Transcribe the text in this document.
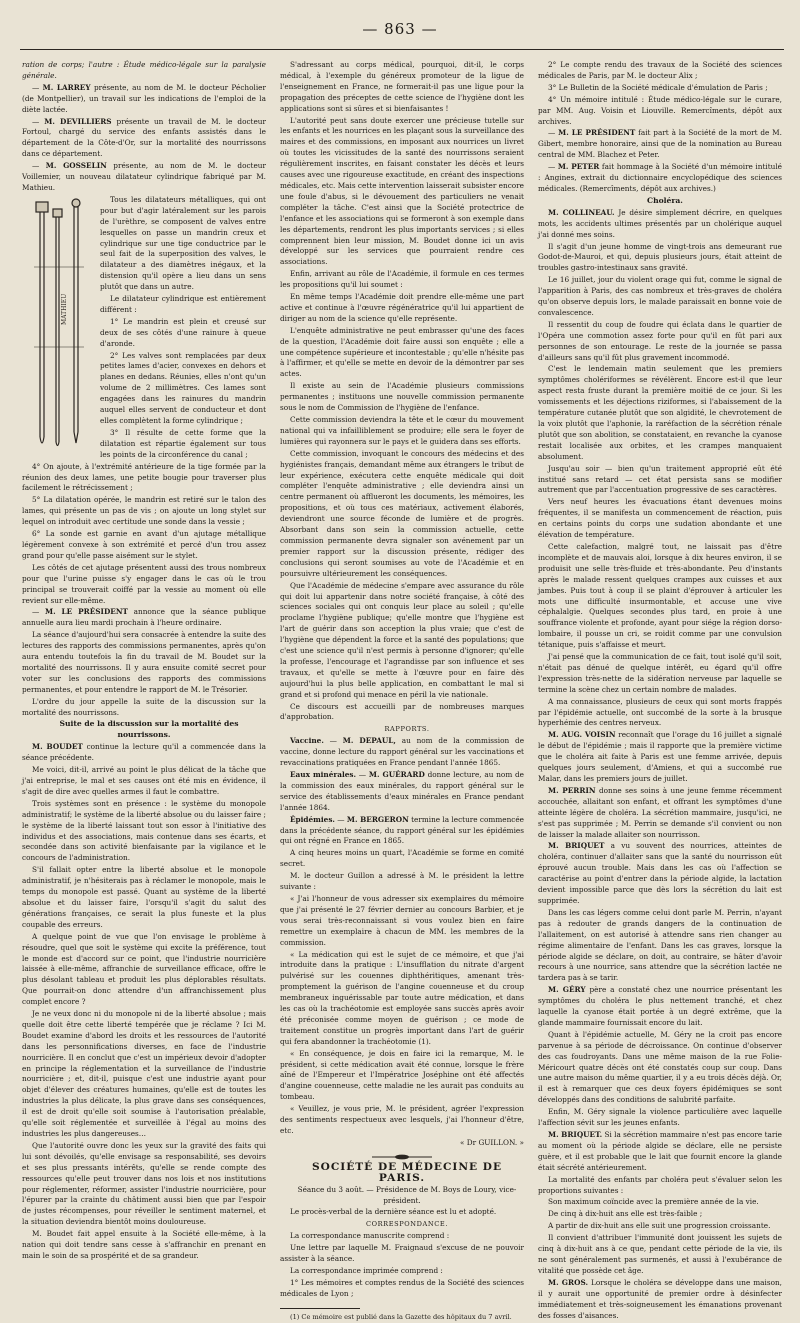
— 863 —

ration de corps; l'autre : Étude médico-légale sur la paralysie générale.

— M. LARREY présente, au nom de M. le docteur Péchol​ier (de Montpellier), un travail sur les indications de l'emploi de la diète lactée.

— M. DEVILLIERS présente un travail de M. le docteur Fortoul, chargé du service des enfants assistés dans le département de la Côte-d'Or, sur la mortalité des nourrissons dans ce département.

— M. GOSSELIN présente, au nom de M. le docteur Voillemier, un nouveau dilatateur cylindrique fabriqué par M. Mathieu.

MATHIEU

Tous les dilatateurs métalliques, qui ont pour but d'agir latéralement sur les parois de l'urèthre, se composent de valves entre lesquelles on passe un mandrin creux et cylindrique sur une tige conductrice par le seul fait de la superposition des valves, le dilatateur a des diamètres inégaux, et la distension qu'il opère a lieu dans un sens plutôt que dans un autre.

Le dilatateur cylindrique est entièrement différent :

1° Le mandrin est plein et creusé sur deux de ses côtés d'une rainure à queue d'aronde.

2° Les valves sont remplacées par deux petites lames d'acier, convexes en dehors et planes en dedans. Réunies, elles n'ont qu'un volume de 2 millimètres. Ces lames sont engagées dans les rainures du mandrin auquel elles servent de conducteur et dont elles complètent la forme cylindrique ;

3° Il résulte de cette forme que la dilatation est répartie également sur tous les points de la circonférence du canal ;

4° On ajoute, à l'extrémité antérieure de la tige formée par la réunion des deux lames, une petite bougie pour traverser plus facilement le rétrécissement ;

5° La dilatation opérée, le mandrin est retiré sur le talon des lames, qui présente un pas de vis ; on ajoute un long stylet sur lequel on introduit avec certitude une sonde dans la vessie ;

6° La sonde est garnie en avant d'un ajutage métallique légèrement convexe à son extrémité et percé d'un trou assez grand pour qu'elle passe aisément sur le stylet.

Les côtés de cet ajutage présentent aussi des trous nombreux pour que l'urine puisse s'y engager dans le cas où le trou principal se trouverait coiffé par la vessie au moment où elle revient sur elle-même.

— M. LE PRÉSIDENT annonce que la séance publique annuelle aura lieu mardi prochain à l'heure ordinaire.

La séance d'aujourd'hui sera consacrée à entendre la suite des lectures des rapports des commissions permanentes, après qu'on aura entendu toutefois la fin du travail de M. Boudet sur la mortalité des nourrissons. Il y aura ensuite comité secret pour voter sur les conclusions des rapports des commissions permanentes, et pour entendre le rapport de M. le Trésorier.

L'ordre du jour appelle la suite de la discussion sur la mortalité des nourrissons.

Suite de la discussion sur la mortalité des nourrissons.

M. BOUDET continue la lecture qu'il a commencée dans la séance précédente.

Me voici, dit-il, arrivé au point le plus délicat de la tâche que j'ai entreprise, le mal et ses causes ont été mis en évidence, il s'agit de dire avec quelles armes il faut le combattre.

Trois systèmes sont en présence : le système du monopole administratif; le système de la liberté absolue ou du laisser faire ; le système de la liberté laissant tout son essor à l'initiative des individus et des associations, mais contenue dans ses écarts, et secondée dans son activité bienfaisante par la vigilance et le concours de l'administration.

S'il fallait opter entre la liberté absolue et le monopole administratif, je n'hésiterais pas à réclamer le monopole, mais le temps du monopole est passé. Quant au système de la liberté absolue et du laisser faire, l'orsqu'il s'agit du salut des générations françaises, ce serait la plus funeste et la plus coupable des erreurs.

A quelque point de vue que l'on envisage le problème à résoudre, quel que soit le système qui excite la préférence, tout le monde est d'accord sur ce point, que l'industrie nourricière laissée à elle-même, affranchie de surveillance efficace, offre le plus désolant tableau et produit les plus déplorables résultats. Que pourrait-on donc attendre d'un affranchissement plus complet encore ?

Je ne veux donc ni du monopole ni de la liberté absolue ; mais quelle doit être cette liberté tempérée que je réclame ? Ici M. Boudet examine d'abord les droits et les ressources de l'autorité dans les personnifications diverses, en face de l'industrie nourricière. Il en conclut que c'est un impérieux devoir d'adopter en principe la réglementation et la surveillance de l'industrie nourricière ; et, dit-il, puisque c'est une industrie ayant pour objet d'élever des créatures humaines, qu'elle est de toutes les industries la plus délicate, la plus grave dans ses conséquences, il est de droit qu'elle soit soumise à l'autorisation préalable, qu'elle soit réglementée et surveillée à l'égal au moins des industries les plus dangereuses…

Que l'autorité ouvre donc les yeux sur la gravité des faits qui lui sont dévoilés, qu'elle envisage sa responsabilité, ses devoirs et ses plus pressants intérêts, qu'elle se rende compte des ressources qu'elle peut trouver dans nos lois et nos institutions pour réglementer, réformer, assister l'industrie nourricière, pour l'épurer par la crainte du châtiment aussi bien que par l'espoir de justes récompenses, pour réveiller le sentiment maternel, et la situation deviendra bientôt moins douloureuse.

M. Boudet fait appel ensuite à la Société elle-même, à la nation qui doit tendre sans cesse à s'affranchir en prenant en main le soin de sa prospérité et de sa grandeur.

S'adressant au corps médical, pourquoi, dit-il, le corps médical, à l'exemple du généreux promoteur de la ligue de l'enseignement en France, ne formerait-il pas une ligue pour la propagation des préceptes de cette science de l'hygiène dont les applications sont si sûres et si bienfaisantes !

L'autorité peut sans doute exercer une précieuse tutelle sur les enfants et les nourrices en les plaçant sous la surveillance des maires et des commissions, en imposant aux nourrices un livret où toutes les vicissitudes de la santé des nourrissons seraient régulièrement inscrites, en faisant constater les décès et leurs causes avec une rigoureuse exactitude, en créant des inspections médicales, etc. Mais cette intervention laisserait subsister encore une foule d'abus, si le dévouement des particuliers ne venait compléter la tâche. C'est ainsi que la Société protectrice de l'enfance et les associations qui se formeront à son exemple dans les départements, rendront les plus importants services ; si elles comprennent bien leur mission, M. Boudet donne ici un avis développé sur les services que pourraient rendre ces associations.

Enfin, arrivant au rôle de l'Académie, il formule en ces termes les propositions qu'il lui soumet :

En même temps l'Académie doit prendre elle-même une part active et continue à l'œuvre régénératrice qu'il lui appartient de diriger au nom de la science qu'elle représente.

L'enquête administrative ne peut embrasser qu'une des faces de la question, l'Académie doit faire aussi son enquête ; elle a une compétence supérieure et incontestable ; qu'elle n'hésite pas à l'affirmer, et qu'elle se mette en devoir de la démontrer par ses actes.

Il existe au sein de l'Académie plusieurs commissions permanentes ; instituons une nouvelle commission permanente sous le nom de Commission de l'hygiène de l'enfance.

Cette commission deviendra la tête et le cœur du mouvement national qui va infailliblement se produire; elle sera le foyer de lumières qui rayonnera sur le pays et le guidera dans ses efforts.

Cette commission, invoquant le concours des médecins et des hygiénistes français, demandant même aux étrangers le tribut de leur expérience, exécutera cette enquête médicale qui doit compléter l'enquête administrative ; elle deviendra ainsi un centre permanent où afflueront les documents, les mémoires, les propositions, et où tous ces matériaux, activement élaborés, deviendront une source féconde de lumière et de progrès. Absorbant dans son sein la commission actuelle, cette commission permanente devra signaler son avénement par un premier rapport sur la discussion présente, rédiger des conclusions qui seront soumises au vote de l'Académie et en poursuivre ultérieurement les conséquences.

Que l'Académie de médecine s'empare avec assurance du rôle qui doit lui appartenir dans notre société française, à côté des sciences sociales qui ont conquis leur place au soleil ; qu'elle proclame l'hygiène publique; qu'elle montre que l'hygiène est l'art de guérir dans son acception la plus vraie; que c'est de l'hygiène que dépendent la force et la santé des populations; que c'est une science qu'il n'est permis à personne d'ignorer; qu'elle la professe, l'encourage et l'agrandisse par son influence et ses travaux, et qu'elle se mette à l'œuvre pour en faire dès aujourd'hui la plus belle application, en combattant le mal si grand et si profond qui menace en péril la vie nationale.

Ce discours est accueilli par de nombreuses marques d'approbation.

RAPPORTS.

Vaccine. — M. DEPAUL, au nom de la commission de vaccine, donne lecture du rapport général sur les vaccinations et revaccinations pratiquées en France pendant l'année 1865.

Eaux minérales. — M. GUÉRARD donne lecture, au nom de la commission des eaux minérales, du rapport général sur le service des établissements d'eaux minérales en France pendant l'année 1864.

Épidémies. — M. BERGERON termine la lecture commencée dans la précédente séance, du rapport général sur les épidémies qui ont régné en France en 1865.

A cinq heures moins un quart, l'Académie se forme en comité secret.

M. le docteur Guillon a adressé à M. le président la lettre suivante :

« J'ai l'honneur de vous adresser six exemplaires du mémoire que j'ai présenté le 27 février dernier au concours Barbier, et je vous serai très-reconnaissant si vous voulez bien en faire remettre un exemplaire à chacun de MM. les membres de la commission.

« La médication qui est le sujet de ce mémoire, et que j'ai introduite dans la pratique : L'insufflation du nitrate d'argent pulvérisé sur les couennes diphthéritiques, amenant très-promptement la guérison de l'angine couenneuse et du croup membraneux inguérissable par toute autre médication, et dans les cas où la trachéotomie est employée sans succès après avoir été préconisée comme moyen de guérison ; ce mode de traitement constitue un progrès important dans l'art de guérir qui fera abandonner la trachéotomie (1).

« En conséquence, je dois en faire ici la remarque, M. le président, si cette médication avait été connue, lorsque le frère aîné de l'Empereur et l'Impératrice Joséphine ont été affectés d'angine couenneuse, cette maladie ne les aurait pas conduits au tombeau.

« Veuillez, je vous prie, M. le président, agréer l'expression des sentiments respectueux avec lesquels, j'ai l'honneur d'être, etc.

« Dr GUILLON. »

SOCIÉTÉ DE MÉDECINE DE PARIS.

Séance du 3 août. — Présidence de M. Boys de Loury, vice-président.

Le procès-verbal de la dernière séance est lu et adopté.

CORRESPONDANCE.

La correspondance manuscrite comprend :

Une lettre par laquelle M. Fraignaud s'excuse de ne pouvoir assister à la séance.

La correspondance imprimée comprend :

1° Les mémoires et comptes rendus de la Société des sciences médicales de Lyon ;

(1) Ce mémoire est publié dans la Gazette des hôpitaux du 7 avril.

2° Le compte rendu des travaux de la Société des sciences médicales de Paris, par M. le docteur Alix ;

3° Le Bulletin de la Société médicale d'émulation de Paris ;

4° Un mémoire intitulé : Étude médico-légale sur le curare, par MM. Aug. Voisin et Liouville. Remercîments, dépôt aux archives.

— M. LE PRÉSIDENT fait part à la Société de la mort de M. Gibert, membre honoraire, ainsi que de la nomination au Bureau central de MM. Blachez et Peter.

— M. PETER fait hommage à la Société d'un mémoire intitulé : Angines, extrait du dictionnaire encyclopédique des sciences médicales. (Remercîments, dépôt aux archives.)

Choléra.

M. COLLINEAU. Je désire simplement décrire, en quelques mots, les accidents ultimes présentés par un cholérique auquel j'ai donné mes soins.

Il s'agit d'un jeune homme de vingt-trois ans demeurant rue Godot-de-Mauroi, et qui, depuis plusieurs jours, était atteint de troubles gastro-intestinaux sans gravité.

Le 16 juillet, jour du violent orage qui fut, comme le signal de l'apparition à Paris, des cas nombreux et très-graves de choléra qu'on observe depuis lors, le malade paraissait en bonne voie de convalescence.

Il ressentit du coup de foudre qui éclata dans le quartier de l'Opéra une commotion assez forte pour qu'il en fût pari aux personnes de son entourage. Le reste de la journée se passa d'ailleurs sans qu'il fût plus gravement incommodé.

C'est le lendemain matin seulement que les premiers symptômes cholériformes se révélèrent. Encore est-il que leur aspect resta fruste durant la première moitié de ce jour. Si les vomissements et les déjections riziformes, si l'abaissement de la température cutanée plutôt que son algidité, le chevrotement de la voix plutôt que l'aphonie, la raréfaction de la sécrétion rénale plutôt que son abolition, se constataient, en revanche la cyanose restait localisée aux orbites, et les crampes manquaient absolument.

Jusqu'au soir — bien qu'un traitement approprié eût été institué sans retard — cet état persista sans se modifier autrement que par l'accentuation progressive de ses caractères.

Vers neuf heures les évacuations étant devenues moins fréquentes, il se manifesta un commencement de réaction, puis en certains points du corps une sudation abondante et une élévation de température.

Cette calefaction, malgré tout, ne laissait pas d'être incomplète et de mauvais aloi, lorsque à dix heures environ, il se produisit une selle très-fluide et très-abondante. Peu d'instants après le malade ressent quelques crampes aux cuisses et aux jambes. Puis tout à coup il se plaint d'éprouver à articuler les mots une difficulté insurmontable, et accuse une vive céphalalgie. Quelques secondes plus tard, en proie à une souffrance violente et profonde, ayant pour siége la région dorso-lombaire, il pousse un cri, se roidit comme par une convulsion tétanique, puis s'affaisse et meurt.

J'ai pensé que la communication de ce fait, tout isolé qu'il soit, n'était pas dénué de quelque intérêt, eu égard qu'il offre l'expression très-nette de la sidération nerveuse par laquelle se termine la scène chez un certain nombre de malades.

A ma connaissance, plusieurs de ceux qui sont morts frappés par l'épidémie actuelle, ont succombé de la sorte à la brusque hyperhémie des centres nerveux.

M. AUG. VOISIN reconnaît que l'orage du 16 juillet a signalé le début de l'épidémie ; mais il rapporte que la première victime que le choléra ait faite à Paris est une femme arrivée, depuis quelques jours seulement, d'Amiens, et qui a succombé rue Malar, dans les premiers jours de juillet.

M. PERRIN donne ses soins à une jeune femme récemment accouchée, allaitant son enfant, et offrant les symptômes d'une atteinte légère de choléra. La sécrétion mammaire, jusqu'ici, ne s'est pas supprimée ; M. Perrin se demande s'il convient ou non de laisser la malade allaiter son nourrisson.

M. BRIQUET a vu souvent des nourrices, atteintes de choléra, continuer d'allaiter sans que la santé du nourrisson eût éprouvé aucun trouble. Mais dans les cas où l'affection se caractérise au point d'entrer dans la période algide, la lactation devient impossible parce que dès lors la sécrétion du lait est supprimée.

Dans les cas légers comme celui dont parle M. Perrin, n'ayant pas à redouter de grands dangers de la continuation de l'allaitement, on est autorisé à attendre sans rien changer au régime alimentaire de l'enfant. Dans les cas graves, lorsque la période algide se déclare, on doit, au contraire, se hâter d'avoir recours à une nourrice, sans attendre que la sécrétion lactée ne tardera pas à se tarir.

M. GÉRY père a constaté chez une nourrice présentant les symptômes du choléra le plus nettement tranché, et chez laquelle la cyanose était portée à un degré extrême, que la glande mammaire fournissait encore du lait.

Quant à l'épidémie actuelle, M. Géry ne la croit pas encore parvenue à sa période de décroissance. On continue d'observer des cas foudroyants. Dans une même maison de la rue Folie-Méricourt quatre décès ont été constatés coup sur coup. Dans une autre maison du même quartier, il y a eu trois décès déjà. Or, il est à remarquer que ces deux foyers épidémiques se sont développés dans des conditions de salubrité parfaite.

Enfin, M. Géry signale la violence particulière avec laquelle l'affection sévit sur les jeunes enfants.

M. BRIQUET. Si la sécrétion mammaire n'est pas encore tarie au moment où la période algide se déclare, elle ne persiste guère, et il est probable que le lait que fournit encore la glande était sécrété antérieurement.

La mortalité des enfants par choléra peut s'évaluer selon les proportions suivantes :

Son maximum coïncide avec la première année de la vie.

De cinq à dix-huit ans elle est très-faible ;

A partir de dix-huit ans elle suit une progression croissante.

Il convient d'attribuer l'immunité dont jouissent les sujets de cinq à dix-huit ans à ce que, pendant cette période de la vie, ils ne sont généralement pas surmenés, et aussi à l'exubérance de vitalité que possède cet âge.

M. GROS. Lorsque le choléra se développe dans une maison, il y aurait une opportunité de premier ordre à désinfecter immédiatement et très-soigneusement les émanations provenant des fosses d'aisances.
